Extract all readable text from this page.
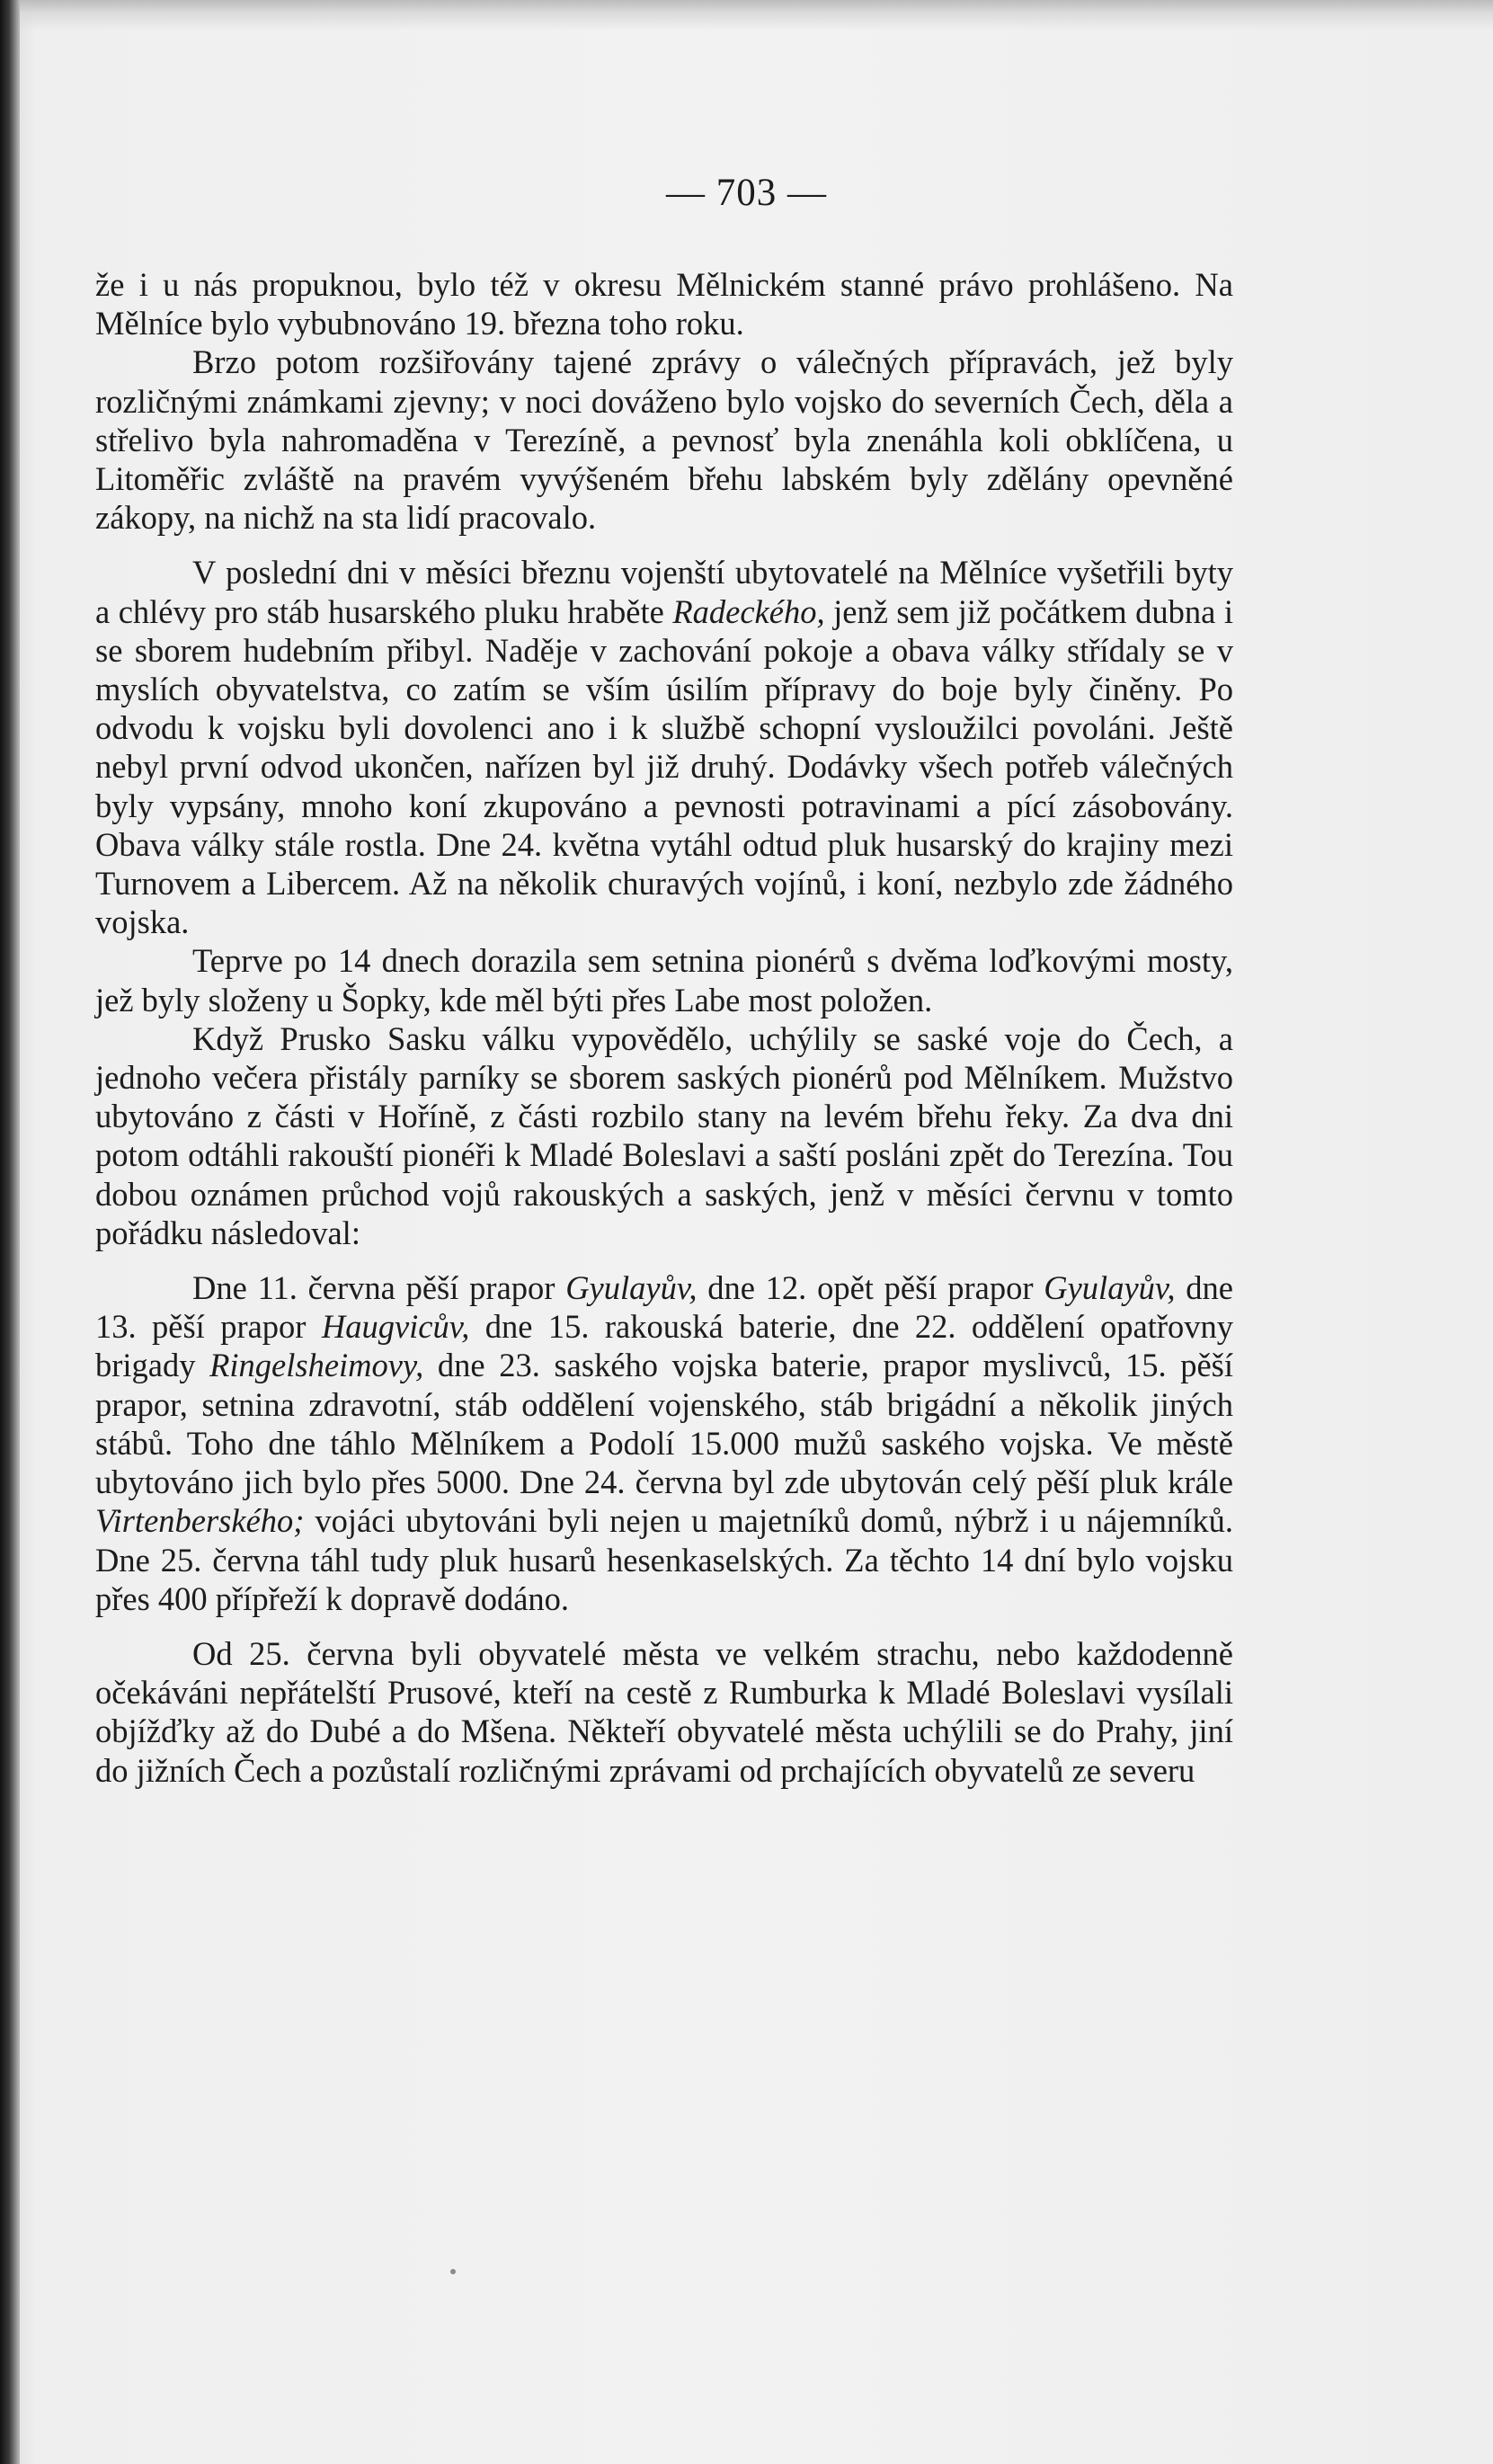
— 703 —

že i u nás propuknou, bylo též v okresu Mělnickém stanné právo prohlášeno. Na Mělníce bylo vybubnováno 19. března toho roku.

Brzo potom rozšiřovány tajené zprávy o válečných přípravách, jež byly rozličnými známkami zjevny; v noci dováženo bylo vojsko do severních Čech, děla a střelivo byla nahromaděna v Terezíně, a pevnosť byla znenáhla koli obklíčena, u Litoměřic zvláště na pravém vyvýšeném břehu labském byly zdělány opevněné zákopy, na nichž na sta lidí pracovalo.

V poslední dni v měsíci březnu vojenští ubytovatelé na Mělníce vyšetřili byty a chlévy pro stáb husarského pluku hraběte Radeckého, jenž sem již počátkem dubna i se sborem hudebním přibyl. Naděje v zachování pokoje a obava války střídaly se v myslích obyvatelstva, co zatím se vším úsilím přípravy do boje byly činěny. Po odvodu k vojsku byli dovolenci ano i k službě schopní vysloužilci povoláni. Ještě nebyl první odvod ukončen, nařízen byl již druhý. Dodávky všech potřeb válečných byly vypsány, mnoho koní zkupováno a pevnosti potravinami a pící zásobovány. Obava války stále rostla. Dne 24. května vytáhl odtud pluk husarský do krajiny mezi Turnovem a Libercem. Až na několik churavých vojínů, i koní, nezbylo zde žádného vojska.

Teprve po 14 dnech dorazila sem setnina pionérů s dvěma loďkovými mosty, jež byly složeny u Šopky, kde měl býti přes Labe most položen.

Když Prusko Sasku válku vypovědělo, uchýlily se saské voje do Čech, a jednoho večera přistály parníky se sborem saských pionérů pod Mělníkem. Mužstvo ubytováno z části v Hoříně, z části rozbilo stany na levém břehu řeky. Za dva dni potom odtáhli rakouští pionéři k Mladé Boleslavi a saští posláni zpět do Terezína. Tou dobou oznámen průchod vojů rakouských a saských, jenž v měsíci červnu v tomto pořádku následoval:

Dne 11. června pěší prapor Gyulayův, dne 12. opět pěší prapor Gyulayův, dne 13. pěší prapor Haugvicův, dne 15. rakouská baterie, dne 22. oddělení opatřovny brigady Ringelsheimovy, dne 23. saského vojska baterie, prapor myslivců, 15. pěší prapor, setnina zdravotní, stáb oddělení vojenského, stáb brigádní a několik jiných stábů. Toho dne táhlo Mělníkem a Podolí 15.000 mužů saského vojska. Ve městě ubytováno jich bylo přes 5000. Dne 24. června byl zde ubytován celý pěší pluk krále Virtenberského; vojáci ubytováni byli nejen u majetníků domů, nýbrž i u nájemníků. Dne 25. června táhl tudy pluk husarů hesenkaselských. Za těchto 14 dní bylo vojsku přes 400 přípřeží k dopravě dodáno.

Od 25. června byli obyvatelé města ve velkém strachu, nebo každodenně očekáváni nepřátelští Prusové, kteří na cestě z Rumburka k Mladé Boleslavi vysílali objížďky až do Dubé a do Mšena. Někteří obyvatelé města uchýlili se do Prahy, jiní do jižních Čech a pozůstalí rozličnými zprávami od prchajících obyvatelů ze severu
